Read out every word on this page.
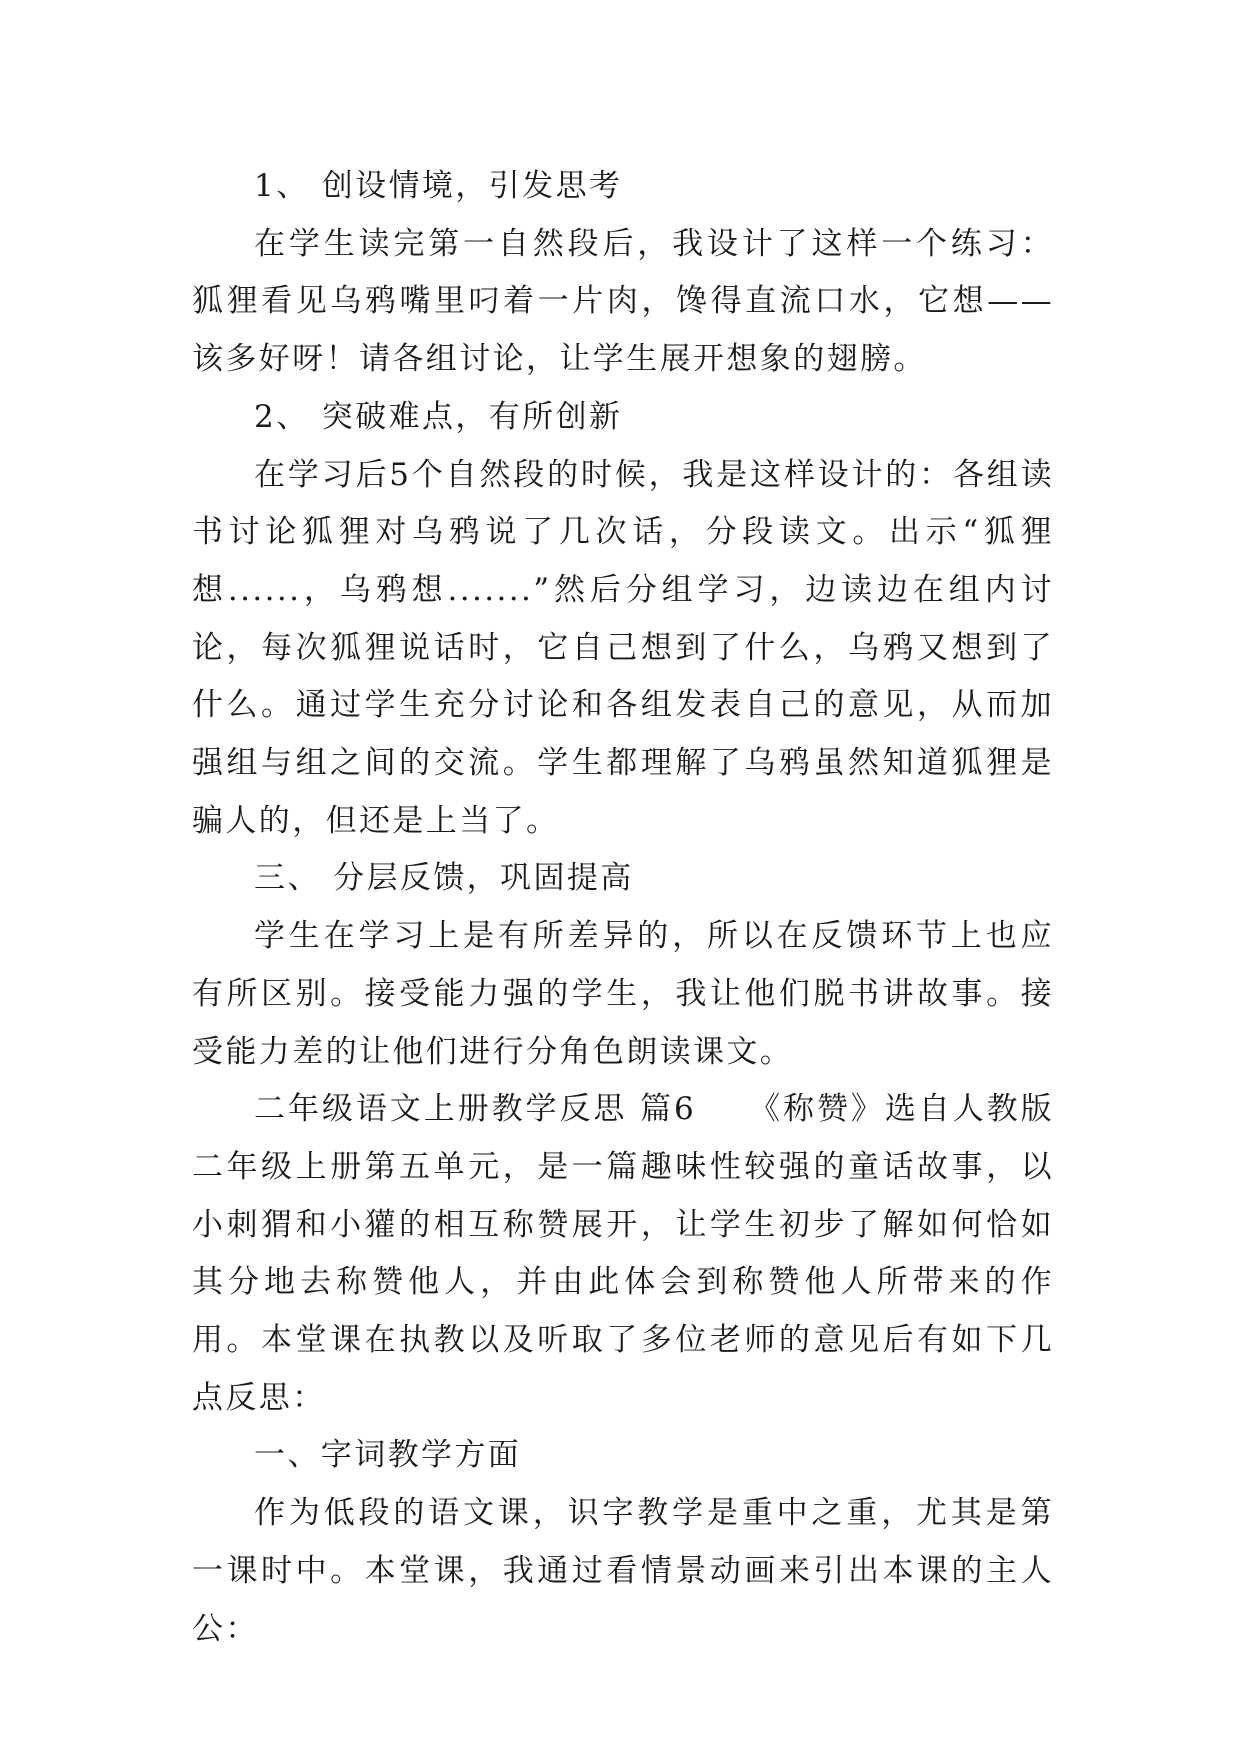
1、 创设情境，引发思考

在学生读完第一自然段后，我设计了这样一个练习：狐狸看见乌鸦嘴里叼着一片肉，馋得直流口水，它想——该多好呀！请各组讨论，让学生展开想象的翅膀。

2、 突破难点，有所创新

在学习后5个自然段的时候，我是这样设计的：各组读书讨论狐狸对乌鸦说了几次话，分段读文。出示“狐狸想......，乌鸦想.......”然后分组学习，边读边在组内讨论，每次狐狸说话时，它自己想到了什么，乌鸦又想到了什么。通过学生充分讨论和各组发表自己的意见，从而加强组与组之间的交流。学生都理解了乌鸦虽然知道狐狸是骗人的，但还是上当了。

三、 分层反馈，巩固提高

学生在学习上是有所差异的，所以在反馈环节上也应有所区别。接受能力强的学生，我让他们脱书讲故事。接受能力差的让他们进行分角色朗读课文。

二年级语文上册教学反思 篇6　　《称赞》选自人教版二年级上册第五单元，是一篇趣味性较强的童话故事，以小刺猬和小獾的相互称赞展开，让学生初步了解如何恰如其分地去称赞他人，并由此体会到称赞他人所带来的作用。本堂课在执教以及听取了多位老师的意见后有如下几点反思：

一、字词教学方面

作为低段的语文课，识字教学是重中之重，尤其是第一课时中。本堂课，我通过看情景动画来引出本课的主人公：
